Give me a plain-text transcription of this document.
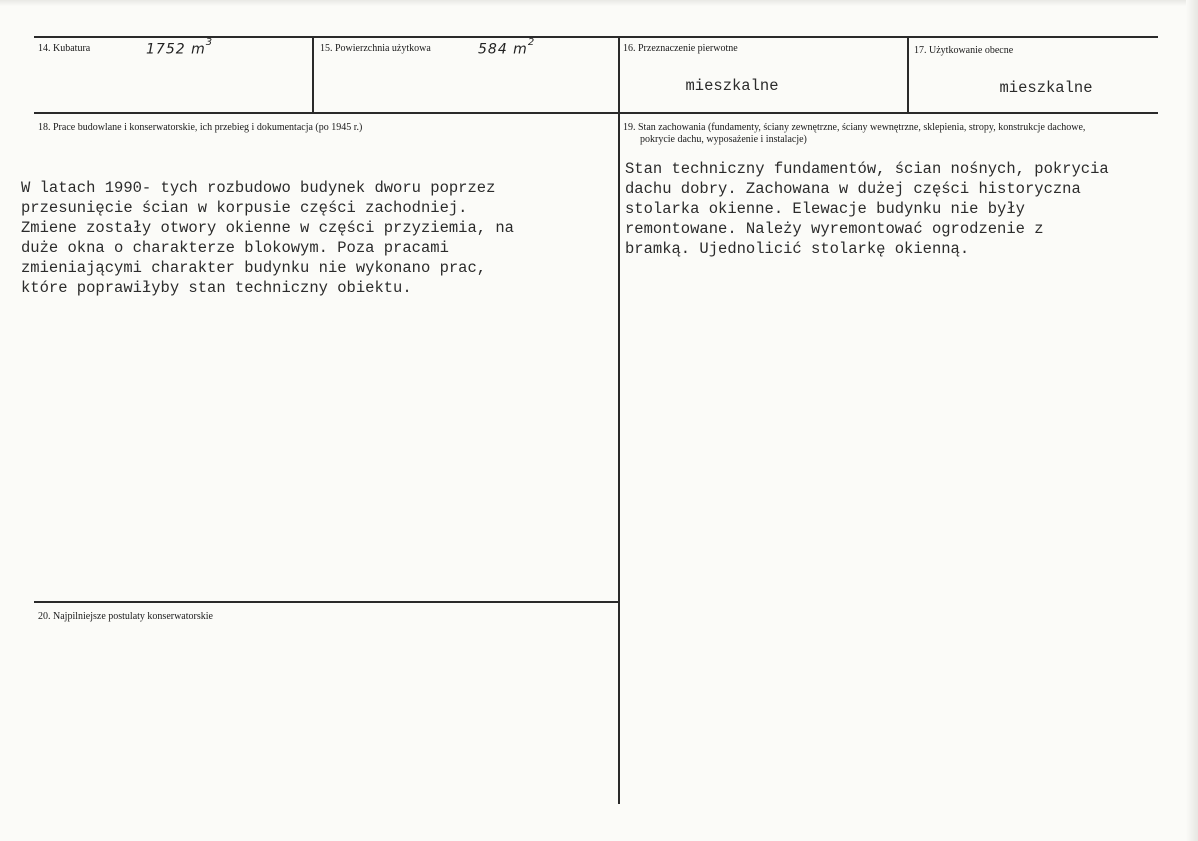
14. Kubatura	1752 $m^3$
15. Powierzchnia użytkowa	584 $m^2$
16. Przeznaczenie pierwotne
mieszkalne
17. Użytkowanie obecne
mieszkalne
18. Prace budowlane i konserwatorskie, ich przebieg i dokumentacja (po 1945 r.)
W latach 1990- tych rozbudowo budynek dworu poprzez
przesunięcie ścian w korpusie części zachodniej.
Zmiene zostały otwory okienne w części przyziemia, na
duże okna o charakterze blokowym. Poza pracami
zmieniającymi charakter budynku nie wykonano prac,
które poprawiłyby stan techniczny obiektu.
19. Stan zachowania (fundamenty, ściany zewnętrzne, ściany wewnętrzne, sklepienia, stropy, konstrukcje dachowe,
pokrycie dachu, wyposażenie i instalacje)
Stan techniczny fundamentów, ścian nośnych, pokrycia
dachu dobry. Zachowana w dużej części historyczna
stolarka okienne. Elewacje budynku nie były
remontowane. Należy wyremontować ogrodzenie z
bramką. Ujednolicić stolarkę okienną.
20. Najpilniejsze postulaty konserwatorskie
